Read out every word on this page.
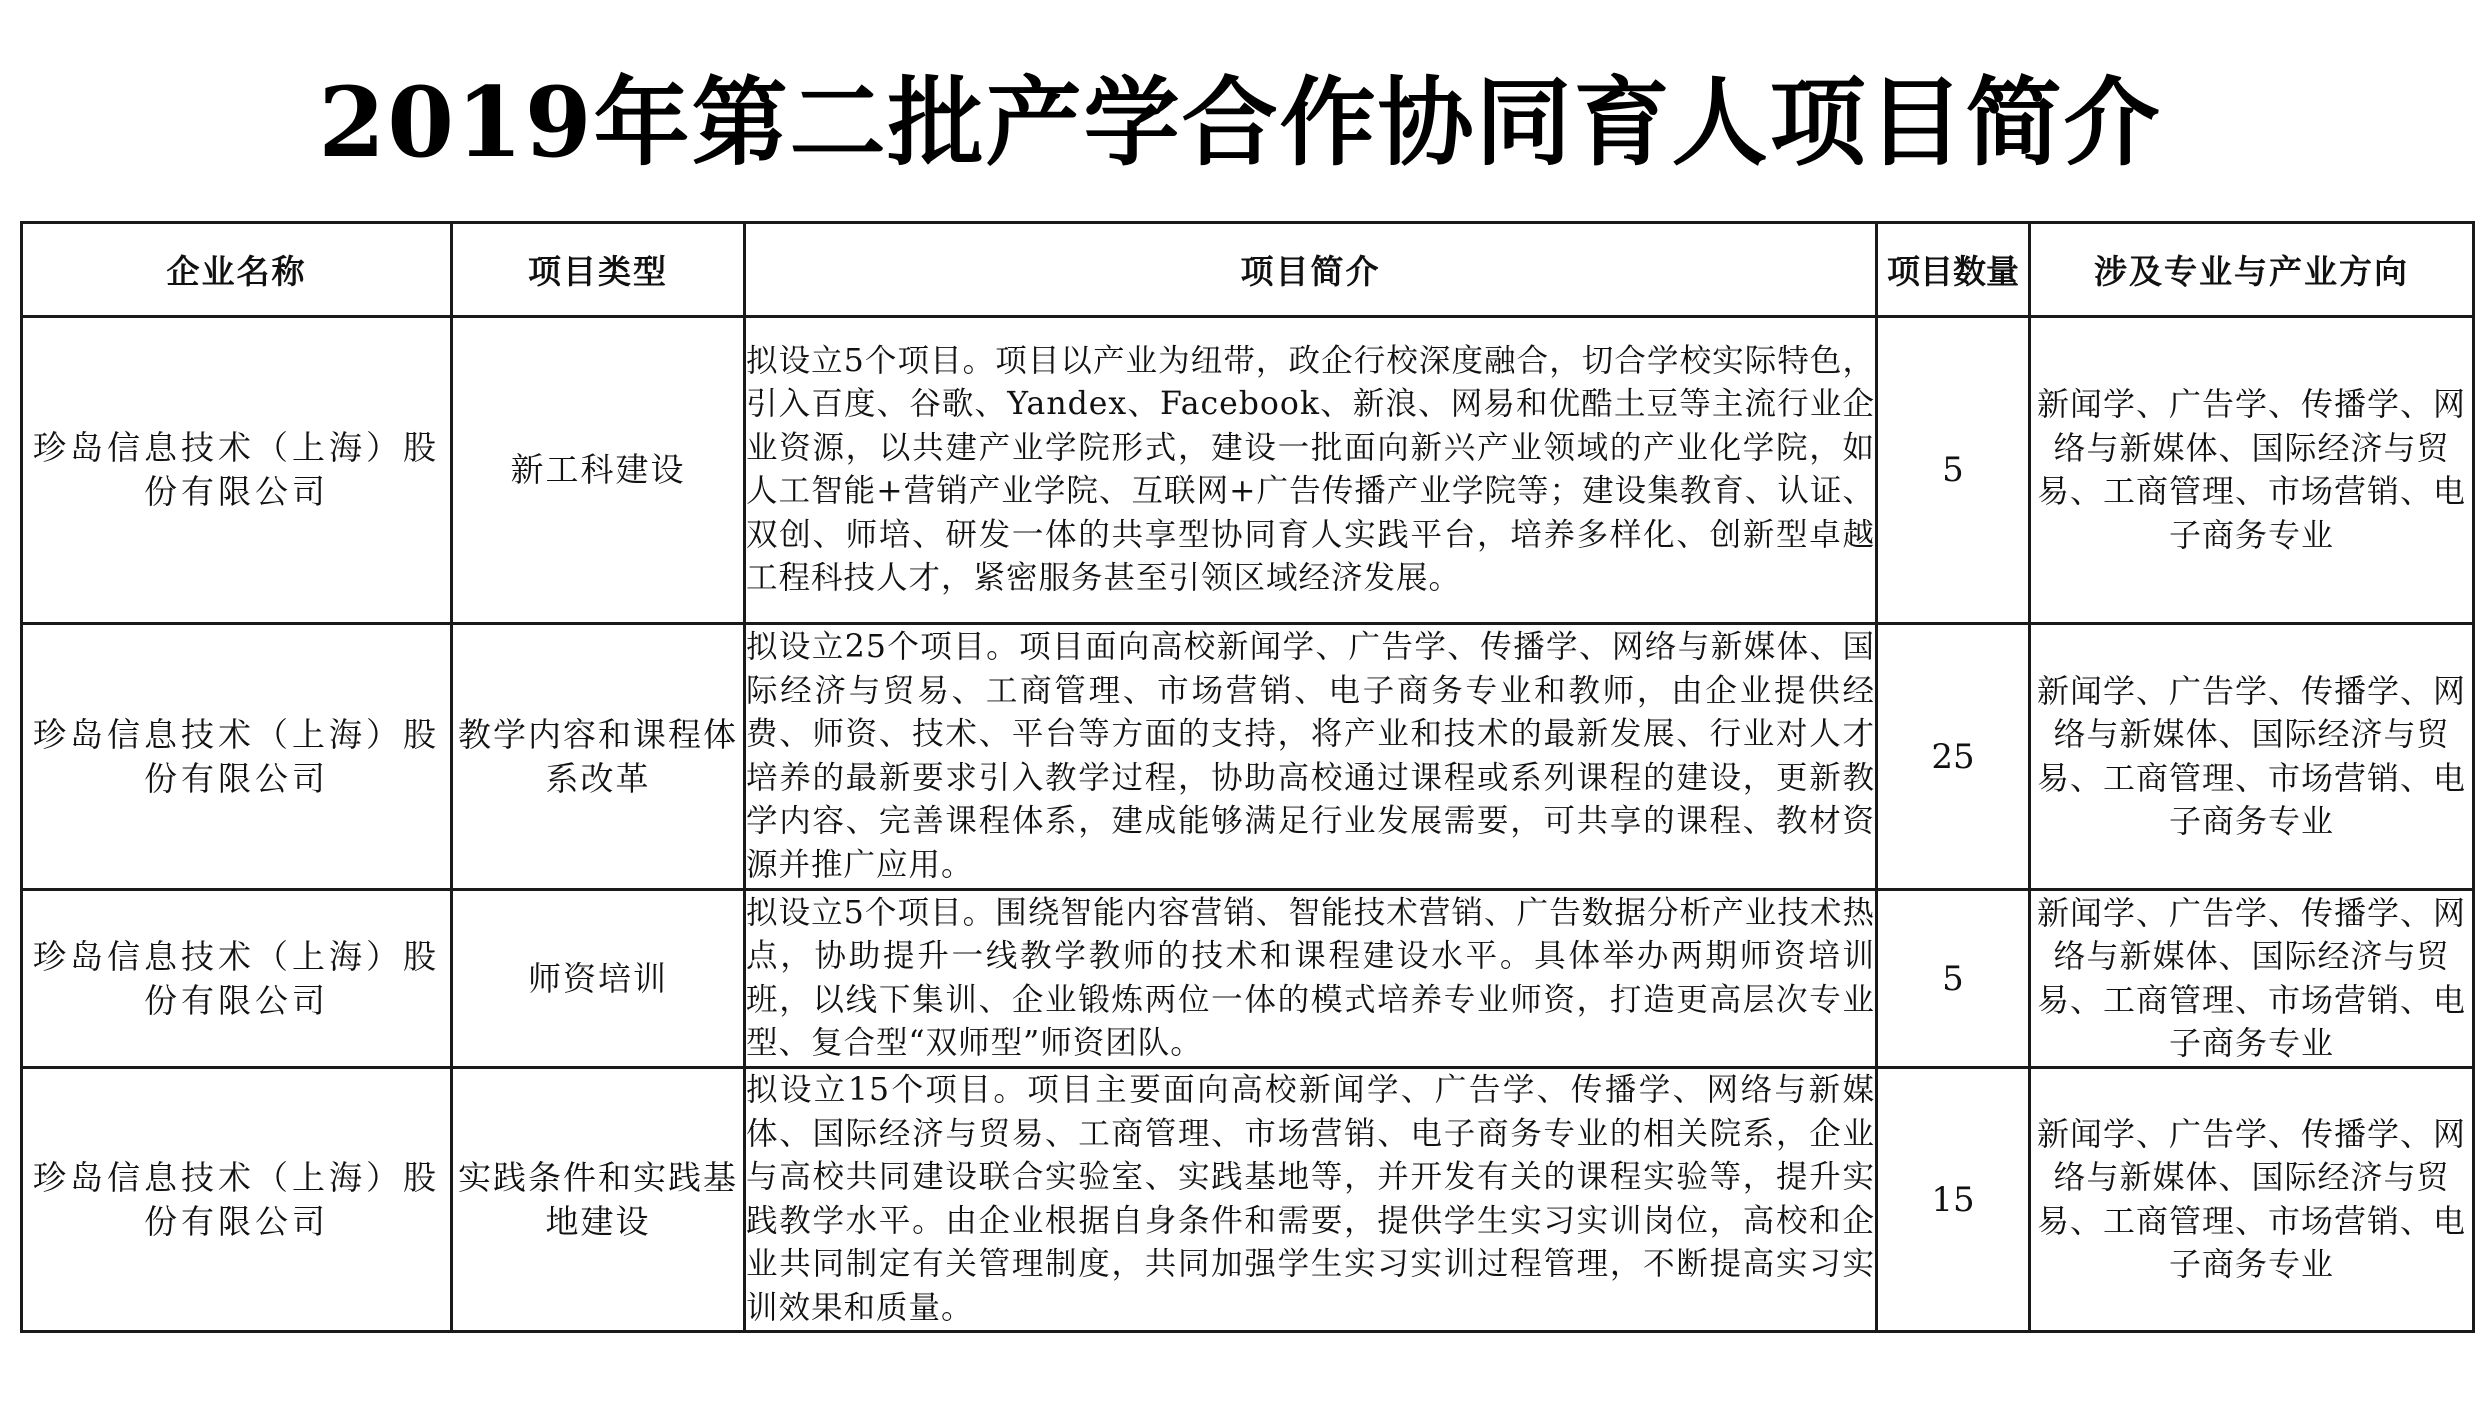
2019年第二批产学合作协同育人项目简介
企业名称	项目类型	项目简介	项目数量	涉及专业与产业方向
珍岛信息技术（上海）股份有限公司	新工科建设	拟设立5个项目。项目以产业为纽带，政企行校深度融合，切合学校实际特色，引入百度、谷歌、Yandex、Facebook、新浪、网易和优酷土豆等主流行业企业资源，以共建产业学院形式，建设一批面向新兴产业领域的产业化学院，如人工智能+营销产业学院、互联网+广告传播产业学院等；建设集教育、认证、双创、师培、研发一体的共享型协同育人实践平台，培养多样化、创新型卓越工程科技人才，紧密服务甚至引领区域经济发展。	5	新闻学、广告学、传播学、网络与新媒体、国际经济与贸易、工商管理、市场营销、电子商务专业
珍岛信息技术（上海）股份有限公司	教学内容和课程体系改革	拟设立25个项目。项目面向高校新闻学、广告学、传播学、网络与新媒体、国际经济与贸易、工商管理、市场营销、电子商务专业和教师，由企业提供经费、师资、技术、平台等方面的支持，将产业和技术的最新发展、行业对人才培养的最新要求引入教学过程，协助高校通过课程或系列课程的建设，更新教学内容、完善课程体系，建成能够满足行业发展需要，可共享的课程、教材资源并推广应用。	25	新闻学、广告学、传播学、网络与新媒体、国际经济与贸易、工商管理、市场营销、电子商务专业
珍岛信息技术（上海）股份有限公司	师资培训	拟设立5个项目。围绕智能内容营销、智能技术营销、广告数据分析产业技术热点，协助提升一线教学教师的技术和课程建设水平。具体举办两期师资培训班，以线下集训、企业锻炼两位一体的模式培养专业师资，打造更高层次专业型、复合型“双师型”师资团队。	5	新闻学、广告学、传播学、网络与新媒体、国际经济与贸易、工商管理、市场营销、电子商务专业
珍岛信息技术（上海）股份有限公司	实践条件和实践基地建设	拟设立15个项目。项目主要面向高校新闻学、广告学、传播学、网络与新媒体、国际经济与贸易、工商管理、市场营销、电子商务专业的相关院系，企业与高校共同建设联合实验室、实践基地等，并开发有关的课程实验等，提升实践教学水平。由企业根据自身条件和需要，提供学生实习实训岗位，高校和企业共同制定有关管理制度，共同加强学生实习实训过程管理，不断提高实习实训效果和质量。	15	新闻学、广告学、传播学、网络与新媒体、国际经济与贸易、工商管理、市场营销、电子商务专业
